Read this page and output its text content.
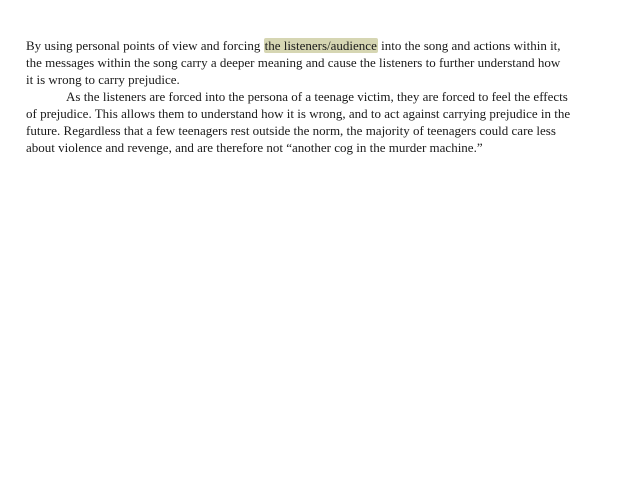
By using personal points of view and forcing the listeners/audience into the song and actions within it,
the messages within the song carry a deeper meaning and cause the listeners to further understand how
it is wrong to carry prejudice.
As the listeners are forced into the persona of a teenage victim, they are forced to feel the effects
of prejudice. This allows them to understand how it is wrong, and to act against carrying prejudice in the
future. Regardless that a few teenagers rest outside the norm, the majority of teenagers could care less
about violence and revenge, and are therefore not “another cog in the murder machine.”
